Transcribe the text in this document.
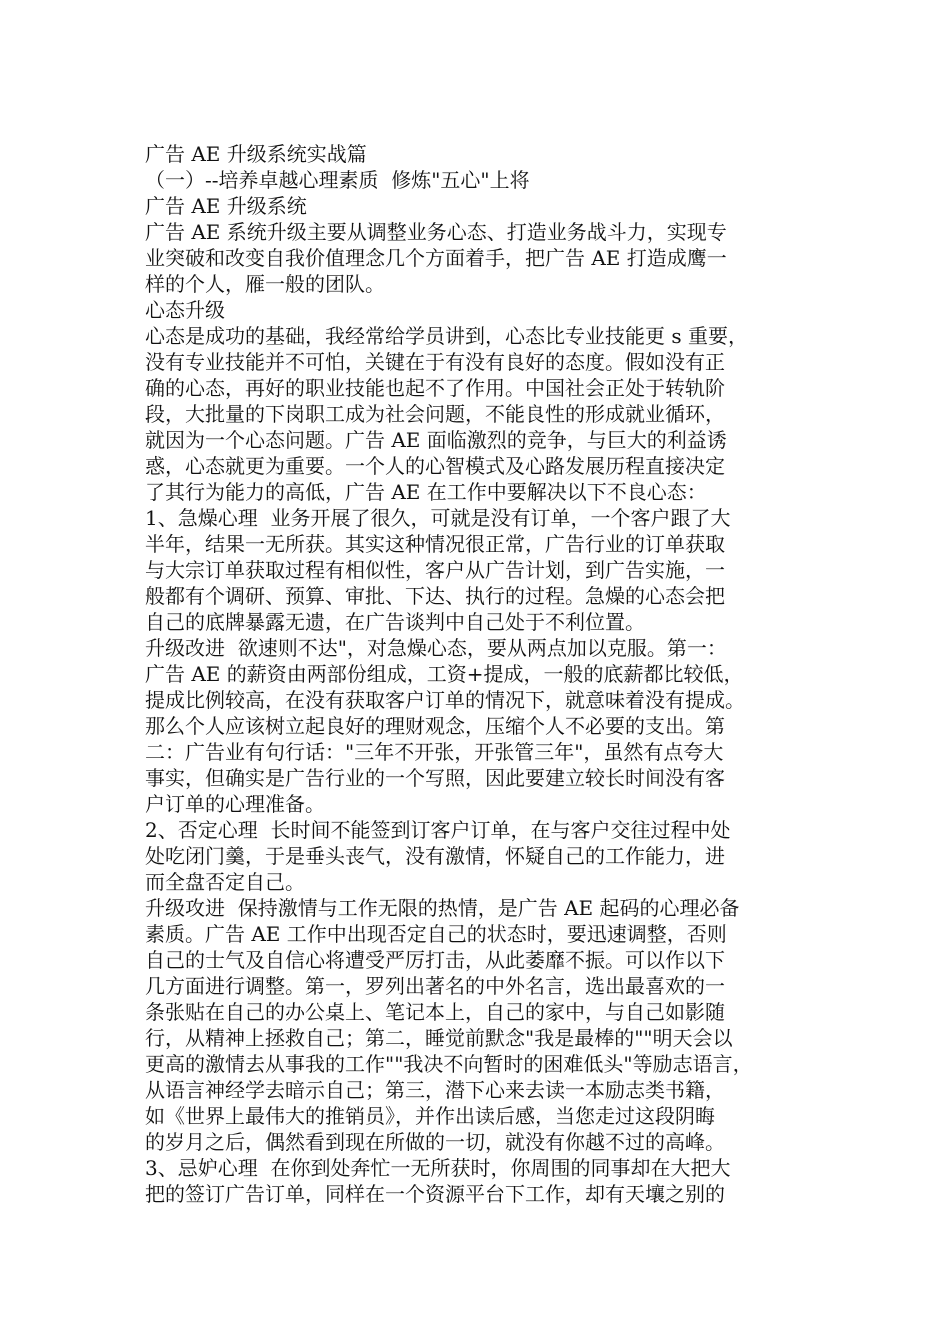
广告 AE 升级系统实战篇

（一）--培养卓越心理素质  修炼"五心"上将

广告 AE 升级系统

广告 AE 系统升级主要从调整业务心态、打造业务战斗力，实现专

业突破和改变自我价值理念几个方面着手，把广告 AE 打造成鹰一

样的个人，雁一般的团队。

心态升级

心态是成功的基础，我经常给学员讲到，心态比专业技能更 s 重要，

没有专业技能并不可怕，关键在于有没有良好的态度。假如没有正

确的心态，再好的职业技能也起不了作用。中国社会正处于转轨阶

段，大批量的下岗职工成为社会问题，不能良性的形成就业循环，

就因为一个心态问题。广告 AE 面临激烈的竞争，与巨大的利益诱

惑，心态就更为重要。一个人的心智模式及心路发展历程直接决定

了其行为能力的高低，广告 AE 在工作中要解决以下不良心态：

1、急燥心理  业务开展了很久，可就是没有订单，一个客户跟了大

半年，结果一无所获。其实这种情况很正常，广告行业的订单获取

与大宗订单获取过程有相似性，客户从广告计划，到广告实施，一

般都有个调研、预算、审批、下达、执行的过程。急燥的心态会把

自己的底牌暴露无遗，在广告谈判中自己处于不利位置。

升级改进  欲速则不达"，对急燥心态，要从两点加以克服。第一：

广告 AE 的薪资由两部份组成，工资+提成，一般的底薪都比较低，

提成比例较高，在没有获取客户订单的情况下，就意味着没有提成。

那么个人应该树立起良好的理财观念，压缩个人不必要的支出。第

二：广告业有句行话："三年不开张，开张管三年"，虽然有点夸大

事实，但确实是广告行业的一个写照，因此要建立较长时间没有客

户订单的心理准备。

2、否定心理  长时间不能签到订客户订单，在与客户交往过程中处

处吃闭门羹，于是垂头丧气，没有激情，怀疑自己的工作能力，进

而全盘否定自己。

升级攻进  保持激情与工作无限的热情，是广告 AE 起码的心理必备

素质。广告 AE 工作中出现否定自己的状态时，要迅速调整，否则

自己的士气及自信心将遭受严厉打击，从此萎靡不振。可以作以下

几方面进行调整。第一，罗列出著名的中外名言，选出最喜欢的一

条张贴在自己的办公桌上、笔记本上，自己的家中，与自己如影随

行，从精神上拯救自己；第二，睡觉前默念"我是最棒的""明天会以

更高的激情去从事我的工作""我决不向暂时的困难低头"等励志语言，

从语言神经学去暗示自己；第三，潜下心来去读一本励志类书籍，

如《世界上最伟大的推销员》，并作出读后感，当您走过这段阴晦

的岁月之后，偶然看到现在所做的一切，就没有你越不过的高峰。

3、忌妒心理  在你到处奔忙一无所获时，你周围的同事却在大把大

把的签订广告订单，同样在一个资源平台下工作，却有天壤之别的
